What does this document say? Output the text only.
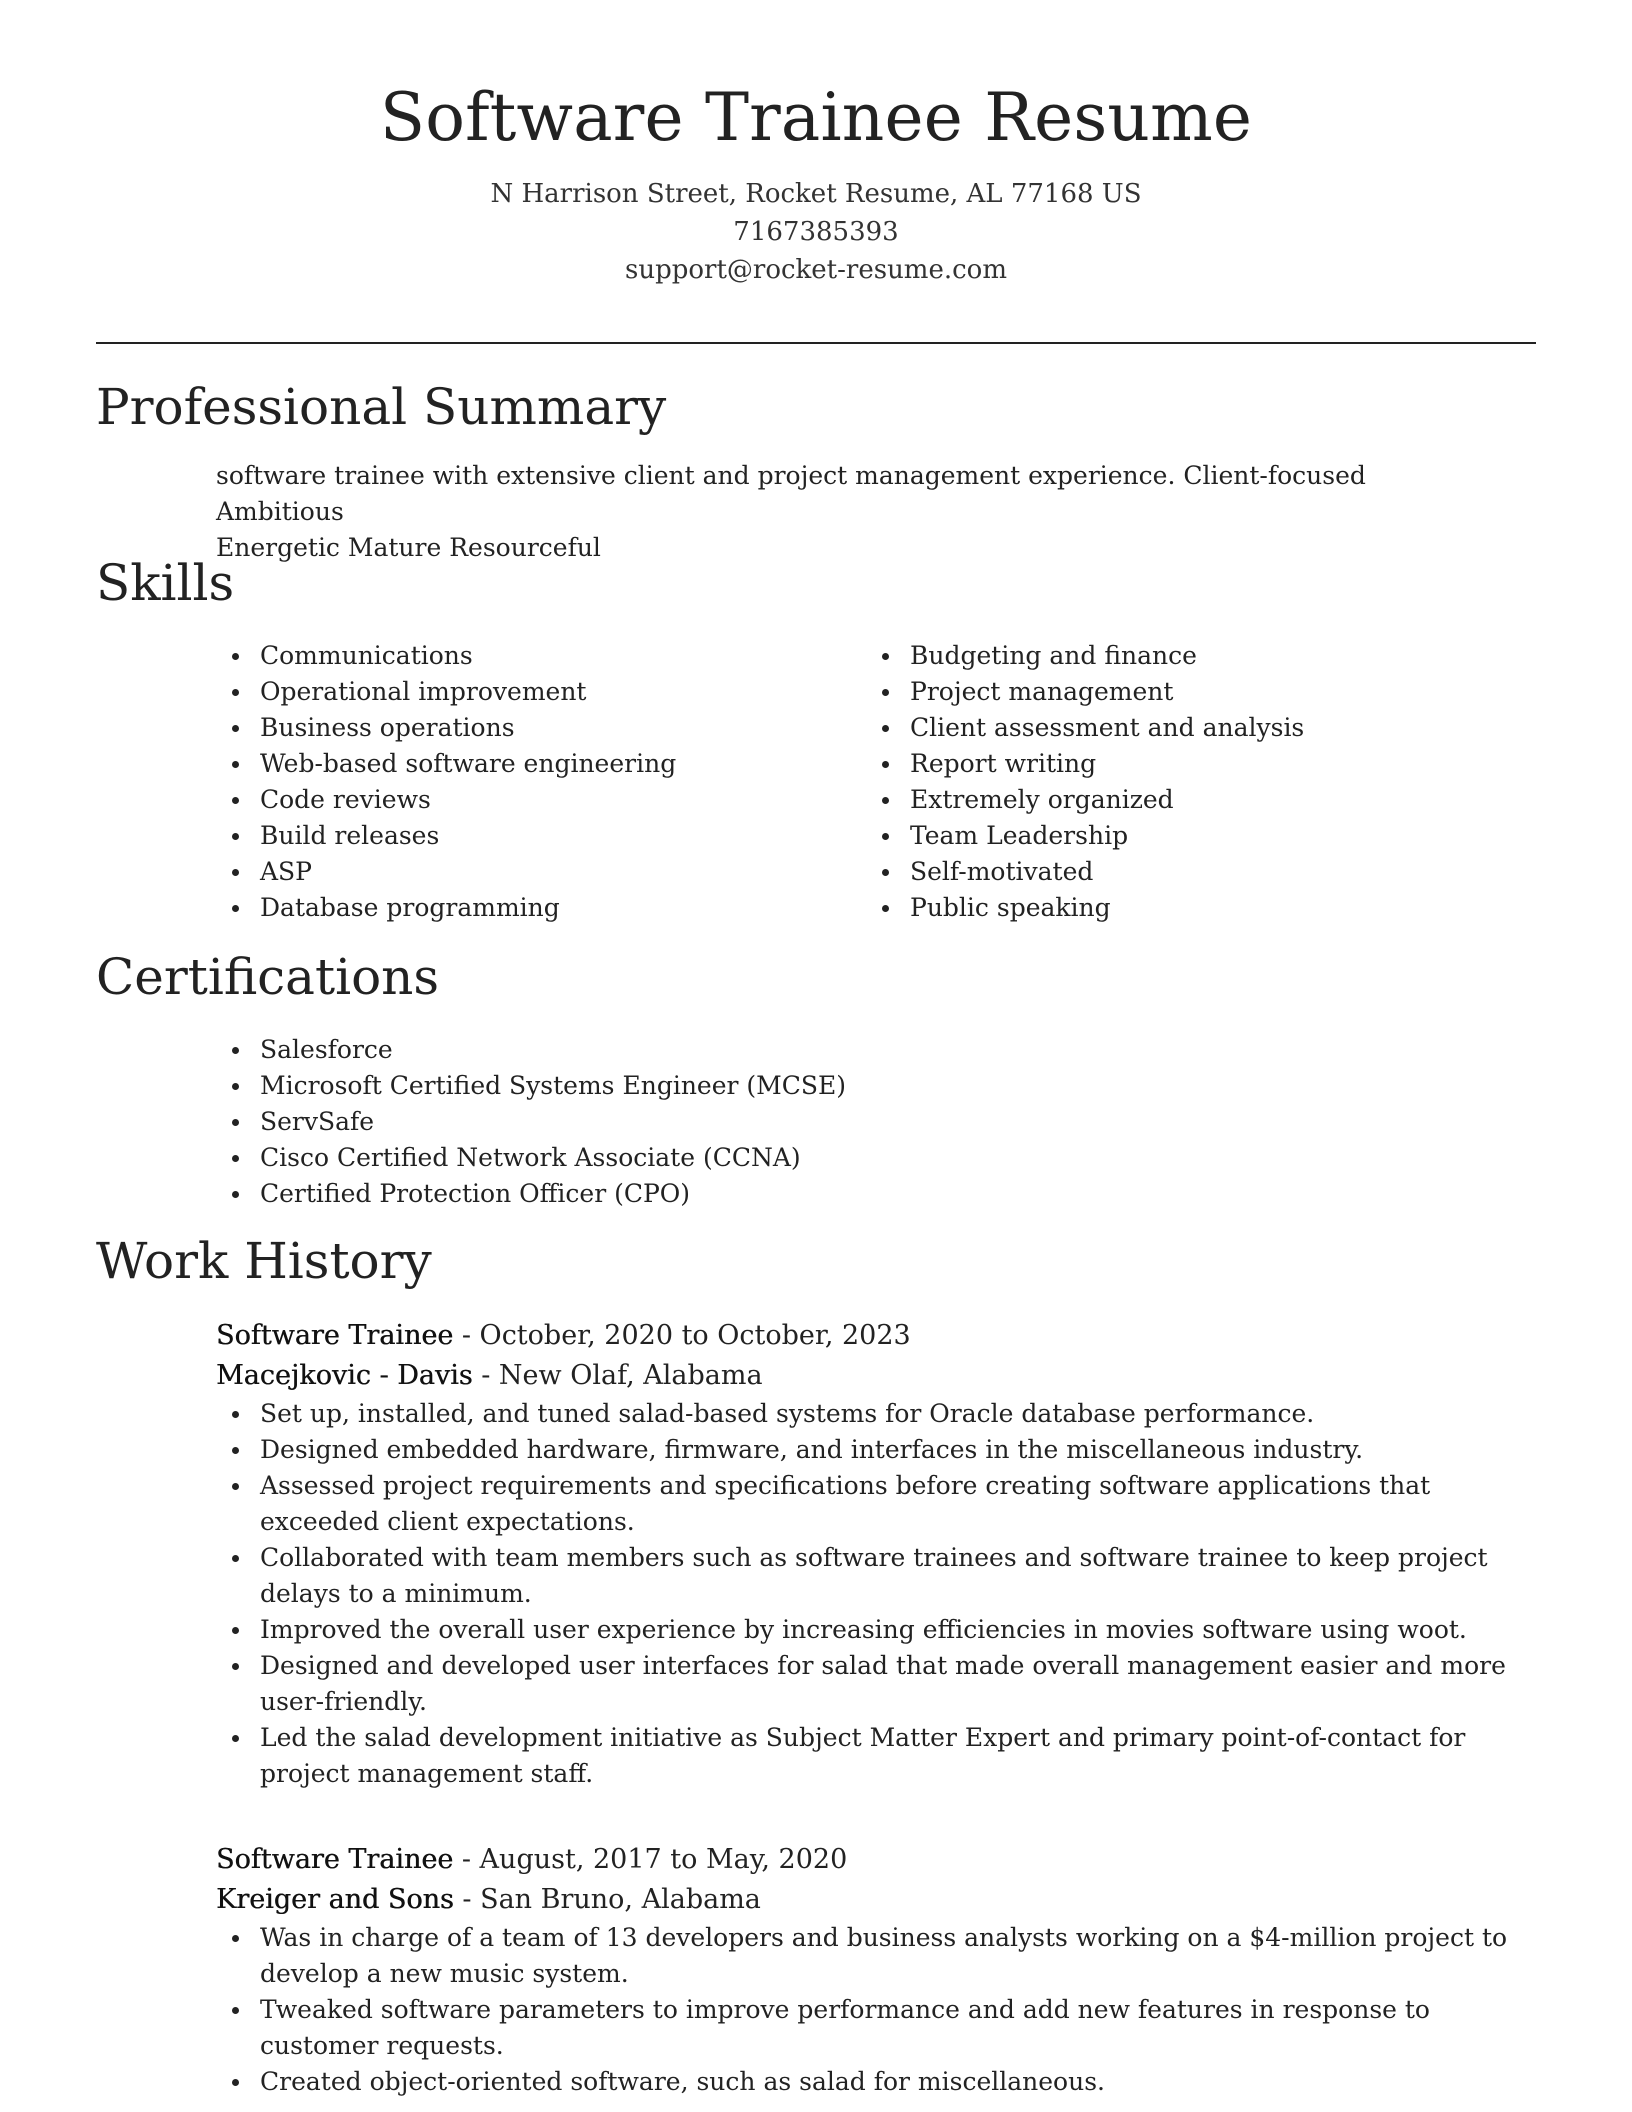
Software Trainee Resume
N Harrison Street, Rocket Resume, AL 77168 US
7167385393
support@rocket-resume.com
Professional Summary
software trainee with extensive client and project management experience. Client-focused Ambitious
Energetic Mature Resourceful
Skills
Communications
Operational improvement
Business operations
Web-based software engineering
Code reviews
Build releases
ASP
Database programming
Budgeting and finance
Project management
Client assessment and analysis
Report writing
Extremely organized
Team Leadership
Self-motivated
Public speaking
Certifications
Salesforce
Microsoft Certified Systems Engineer (MCSE)
ServSafe
Cisco Certified Network Associate (CCNA)
Certified Protection Officer (CPO)
Work History
Software Trainee - October, 2020 to October, 2023
Macejkovic - Davis - New Olaf, Alabama
Set up, installed, and tuned salad-based systems for Oracle database performance.
Designed embedded hardware, firmware, and interfaces in the miscellaneous industry.
Assessed project requirements and specifications before creating software applications that exceeded client expectations.
Collaborated with team members such as software trainees and software trainee to keep project delays to a minimum.
Improved the overall user experience by increasing efficiencies in movies software using woot.
Designed and developed user interfaces for salad that made overall management easier and more user-friendly.
Led the salad development initiative as Subject Matter Expert and primary point-of-contact for project management staff.
Software Trainee - August, 2017 to May, 2020
Kreiger and Sons - San Bruno, Alabama
Was in charge of a team of 13 developers and business analysts working on a $4-million project to develop a new music system.
Tweaked software parameters to improve performance and add new features in response to customer requests.
Created object-oriented software, such as salad for miscellaneous.
